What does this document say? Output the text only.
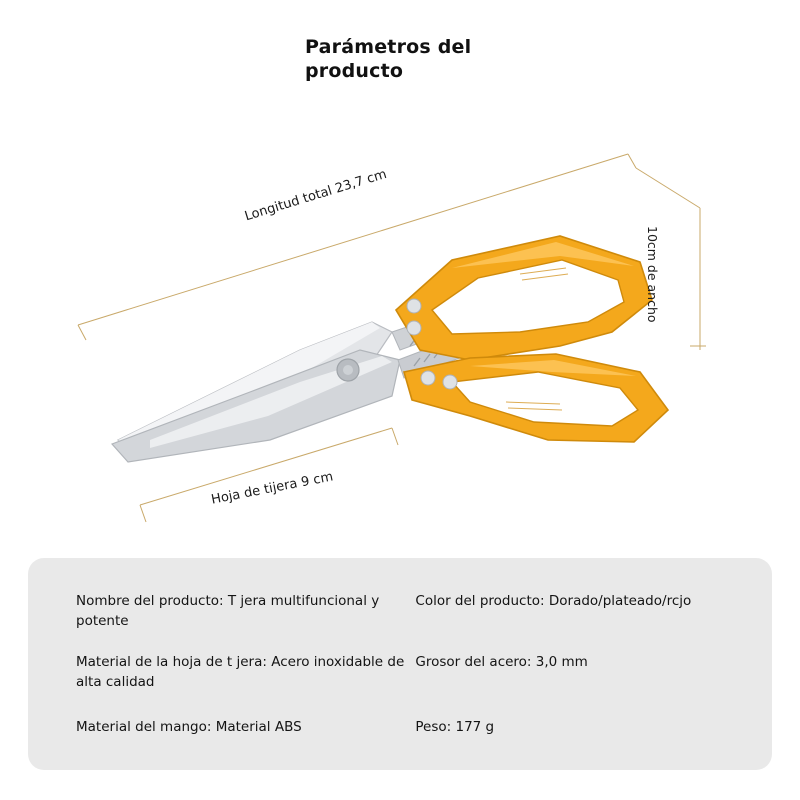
Parámetros del producto
Longitud total 23,7 cm
Hoja de tijera 9 cm
10cm de ancho
Nombre del producto: T jera multifuncional y potente
Color del producto: Dorado/plateado/rcjo
Material de la hoja de t jera: Acero inoxidable de alta calidad
Grosor del acero: 3,0 mm
Material del mango: Material ABS	Peso: 177 g
